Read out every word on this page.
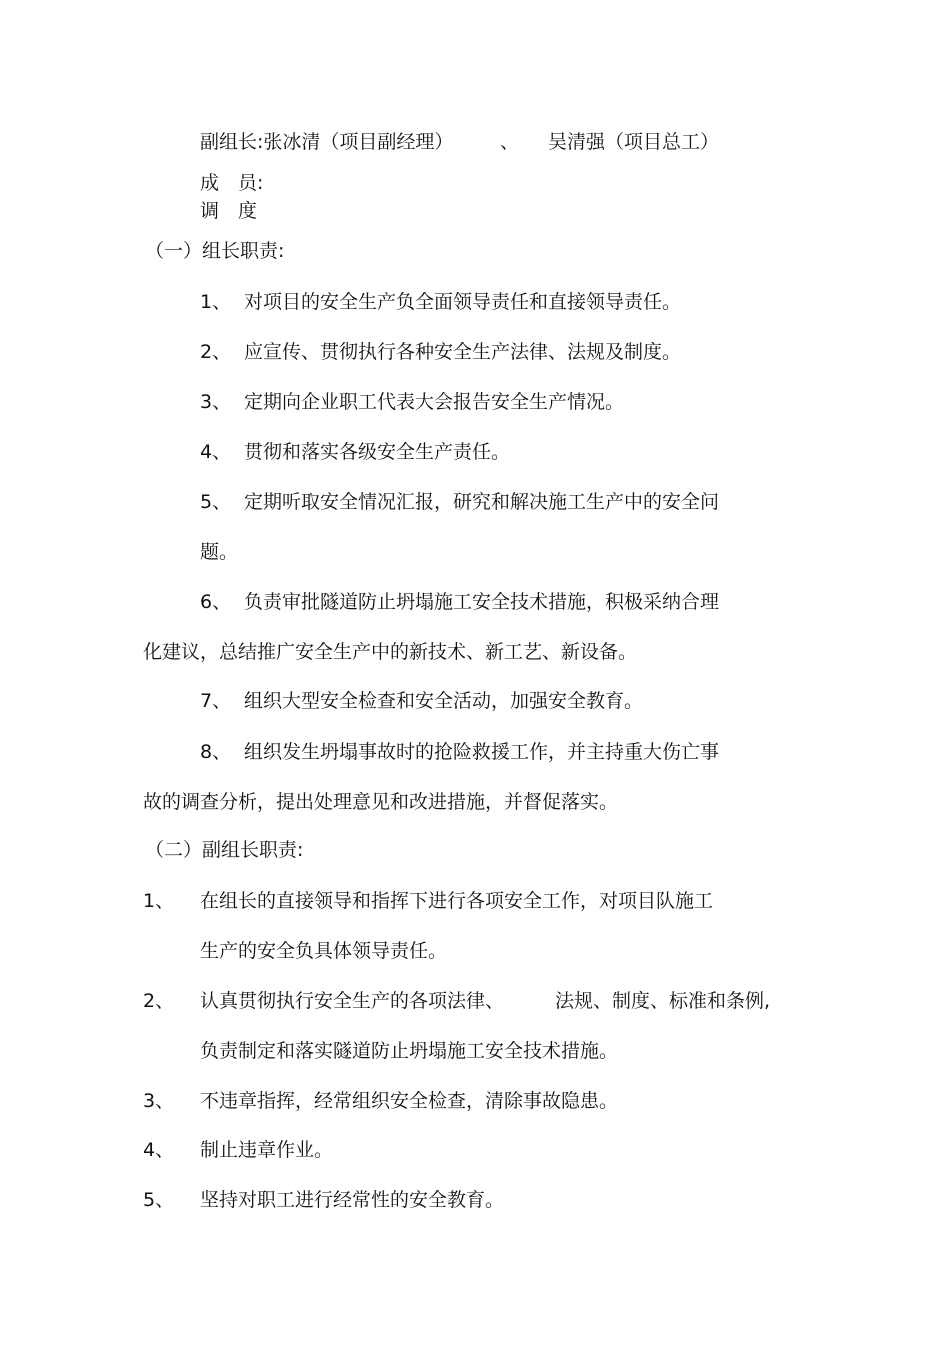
副组长:张冰清（项目副经理） 、 吴清强（项目总工）
成　员:
调　度
（一）组长职责:
1、 对项目的安全生产负全面领导责任和直接领导责任。
2、 应宣传、贯彻执行各种安全生产法律、法规及制度。
3、 定期向企业职工代表大会报告安全生产情况。
4、 贯彻和落实各级安全生产责任。
5、 定期听取安全情况汇报，研究和解决施工生产中的安全问
题。
6、 负责审批隧道防止坍塌施工安全技术措施，积极采纳合理
化建议，总结推广安全生产中的新技术、新工艺、新设备。
7、 组织大型安全检查和安全活动，加强安全教育。
8、 组织发生坍塌事故时的抢险救援工作，并主持重大伤亡事
故的调查分析，提出处理意见和改进措施，并督促落实。
（二）副组长职责:
1、 在组长的直接领导和指挥下进行各项安全工作，对项目队施工
生产的安全负具体领导责任。
2、 认真贯彻执行安全生产的各项法律、	法规、制度、标准和条例,
负责制定和落实隧道防止坍塌施工安全技术措施。
3、 不违章指挥，经常组织安全检查，清除事故隐患。
4、 制止违章作业。
5、 坚持对职工进行经常性的安全教育。
